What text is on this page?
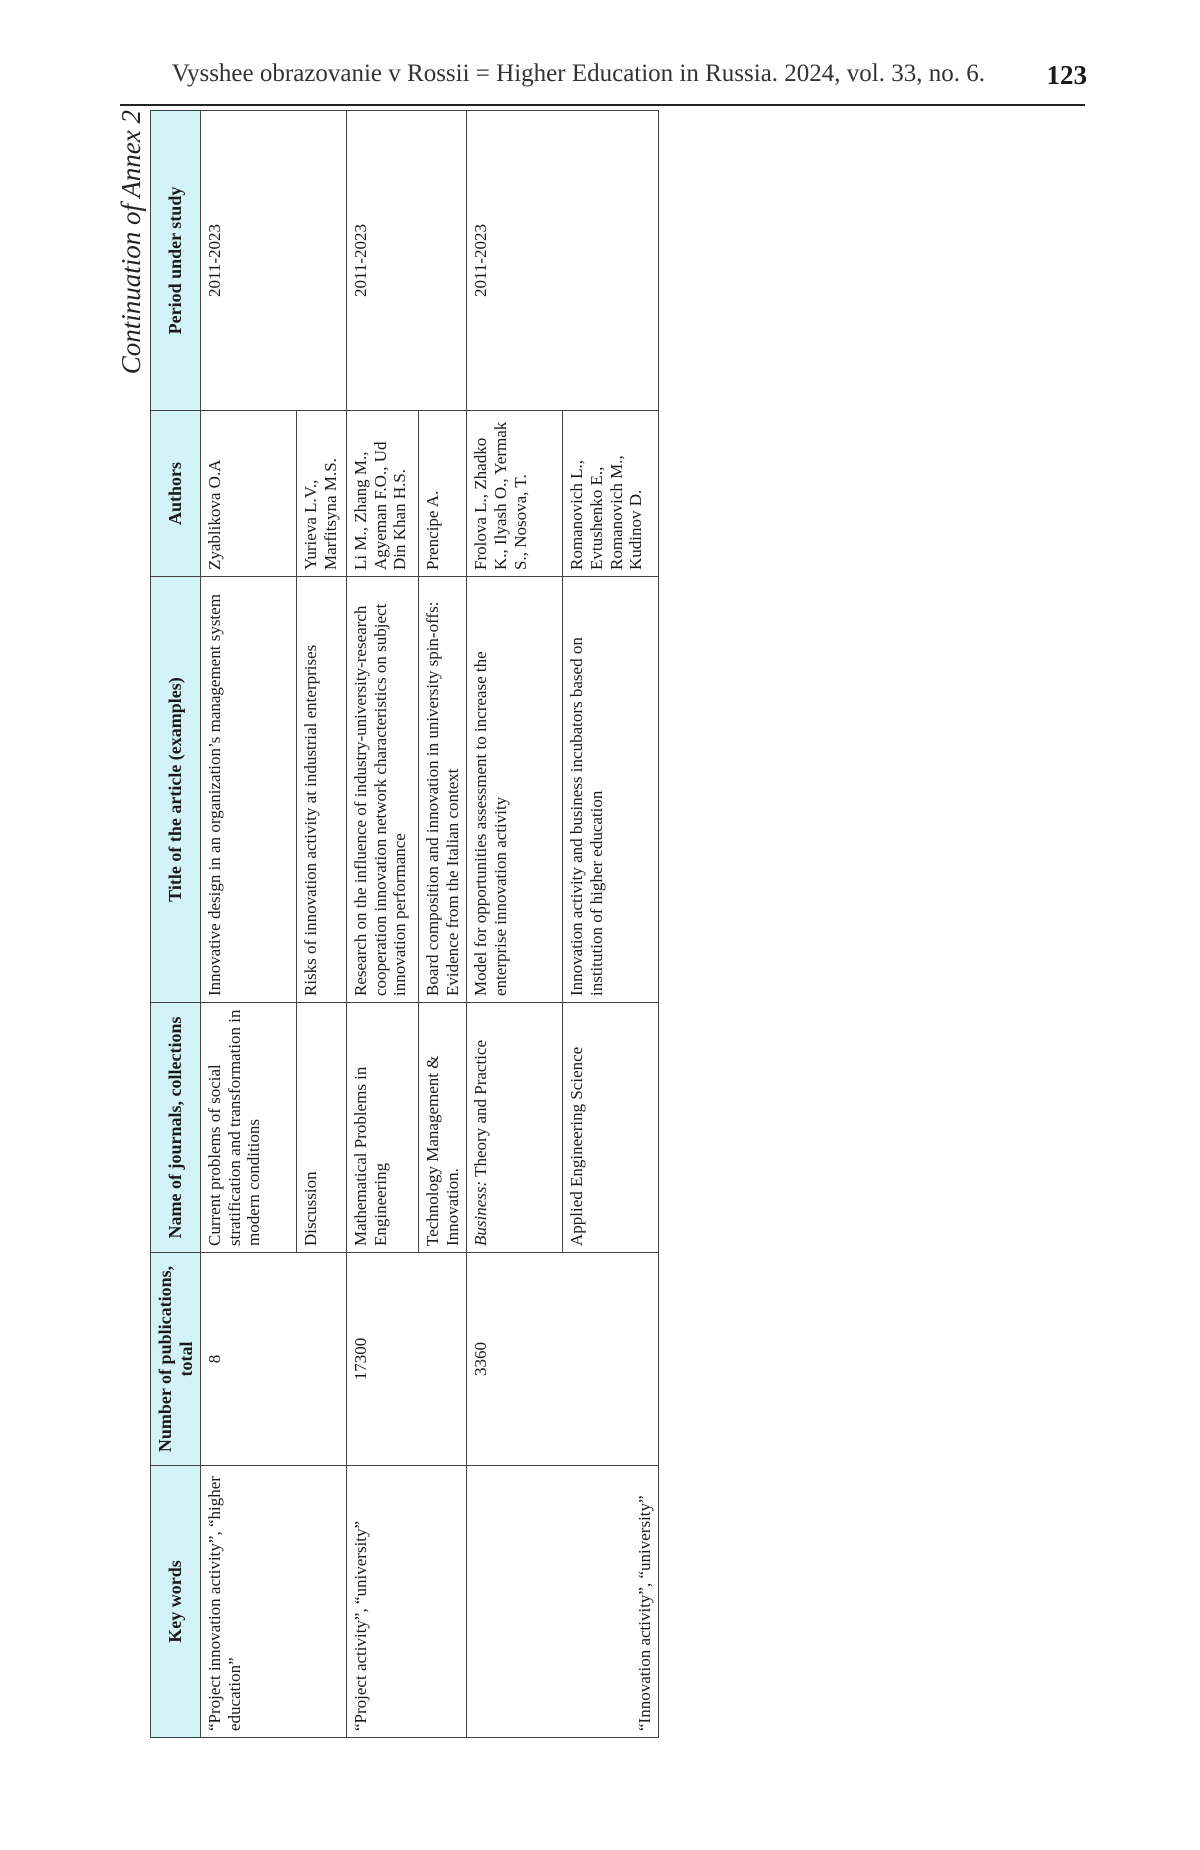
Vysshee obrazovanie v Rossii = Higher Education in Russia. 2024, vol. 33, no. 6. 123
Continuation of Annex 2
Key words	Number of publications, total	Name of journals, collections	Title of the article (examples)	Authors	Period under study
“Project innovation activity”, “higher education”	8	Current problems of social stratification and transformation in modern conditions	Innovative design in an organization’s management system	Zyablikova O.A	2011-2023
		Discussion	Risks of innovation activity at industrial enterprises	Yurieva L.V., Marfitsyna M.S.	
“Project activity”, “university”	17300	Mathematical Problems in Engineering	Research on the influence of industry-university-research cooperation innovation network characteristics on subject innovation performance	Li M., Zhang M., Agyeman F.O., Ud Din Khan H.S.	2011-2023
		Technology Management & Innovation.	Board composition and innovation in university spin-offs: Evidence from the Italian context	Prencipe A.	
“Innovation activity”, “university”	3360	Business: Theory and Practice	Model for opportunities assessment to increase the enterprise innovation activity	Frolova L., Zhadko K., Ilyash O., Yermak S., Nosova, T.	2011-2023
		Applied Engineering Science	Innovation activity and business incubators based on institution of higher education	Romanovich L., Evtushenko E., Romanovich M., Kudinov D.	
